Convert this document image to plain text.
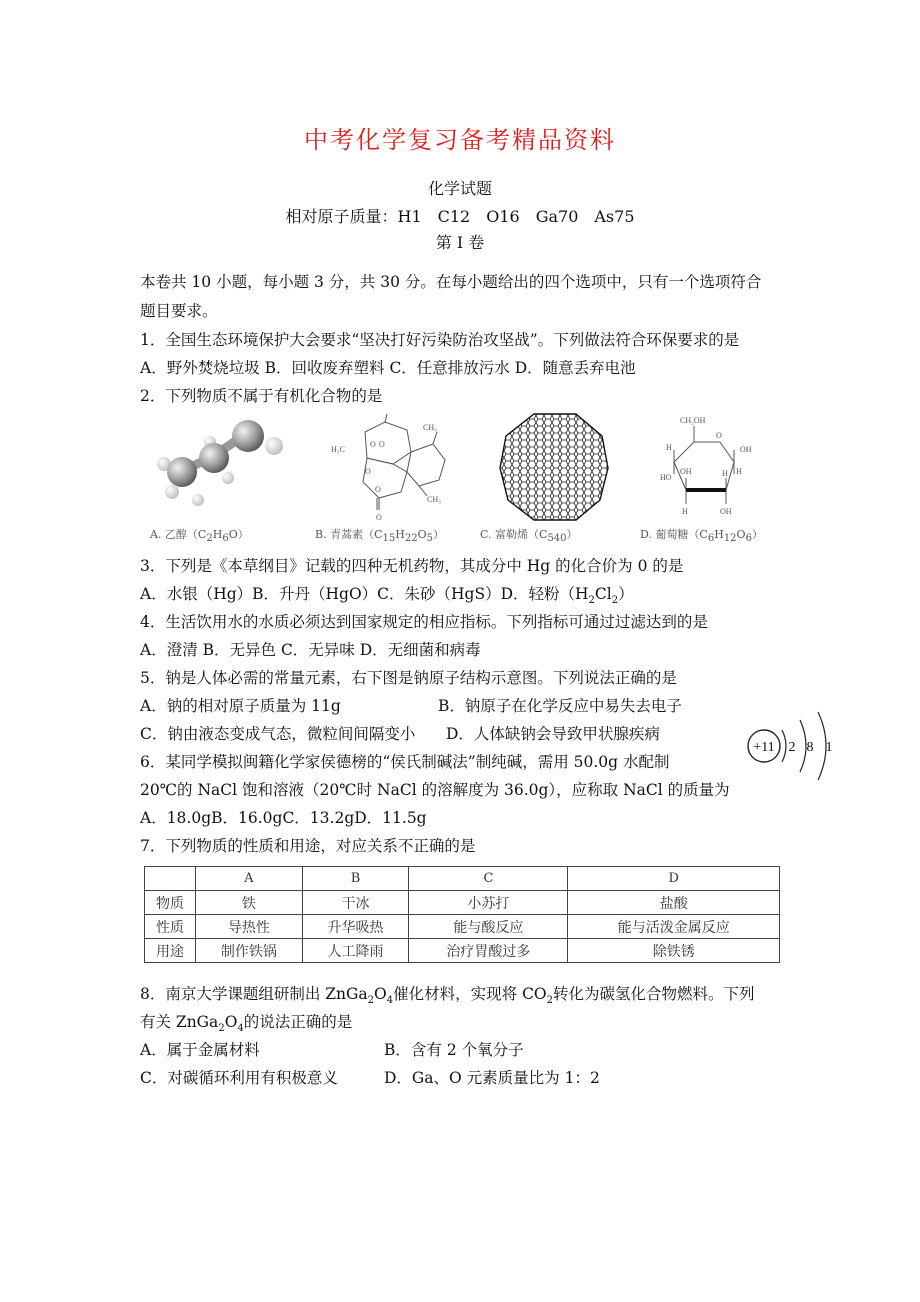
中考化学复习备考精品资料
化学试题
相对原子质量：H1　C12　O16　Ga70　As75
第 I 卷
本卷共 10 小题，每小题 3 分，共 30 分。在每小题给出的四个选项中，只有一个选项符合
题目要求。
1．全国生态环境保护大会要求“坚决打好污染防治攻坚战”。下列做法符合环保要求的是
A．野外焚烧垃圾 B．回收废弃塑料 C．任意排放污水 D．随意丢弃电池
2．下列物质不属于有机化合物的是
A. 乙醇$(C_2H_6O)$
CH₃
H₃C
O O
O
O
CH₃
O
B. 青蒿素$(C_{15}H_{22}O_5)$	C. 富勒烯$(C_{540})$
CH₂OH
O
H	OH
H
HO
OH	H
H	OH
D. 葡萄糖$(C_6H_{12}O_6)$
3．下列是《本草纲目》记载的四种无机药物，其成分中 Hg 的化合价为 0 的是
A．水银（Hg）B．升丹（HgO）C．朱砂（HgS）D．轻粉$(H_2Cl_2)$
4．生活饮用水的水质必须达到国家规定的相应指标。下列指标可通过过滤达到的是
A．澄清 B．无异色 C．无异味 D．无细菌和病毒
5．钠是人体必需的常量元素，右下图是钠原子结构示意图。下列说法正确的是
A．钠的相对原子质量为 11g	B．钠原子在化学反应中易失去电子
C．钠由液态变成气态，微粒间间隔变小 D．人体缺钠会导致甲状腺疾病
+11 2 8 1
6．某同学模拟闽籍化学家侯德榜的“侯氏制碱法”制纯碱，需用 50.0g 水配制
20℃的 NaCl 饱和溶液（20℃时 NaCl 的溶解度为 36.0g），应称取 NaCl 的质量为
A．18.0gB．16.0gC．13.2gD．11.5g
7．下列物质的性质和用途，对应关系不正确的是
	A	B	C	D
物质	铁	干冰	小苏打	盐酸
性质	导热性	升华吸热	能与酸反应	能与活泼金属反应
用途	制作铁锅	人工降雨	治疗胃酸过多	除铁锈
8．南京大学课题组研制出 $ZnGa_2O_4$催化材料，实现将 $CO_2$转化为碳氢化合物燃料。下列
有关 $ZnGa_2O_4$的说法正确的是
A．属于金属材料	B．含有 2 个氧分子
C．对碳循环利用有积极意义	D．Ga、O 元素质量比为 1：2
